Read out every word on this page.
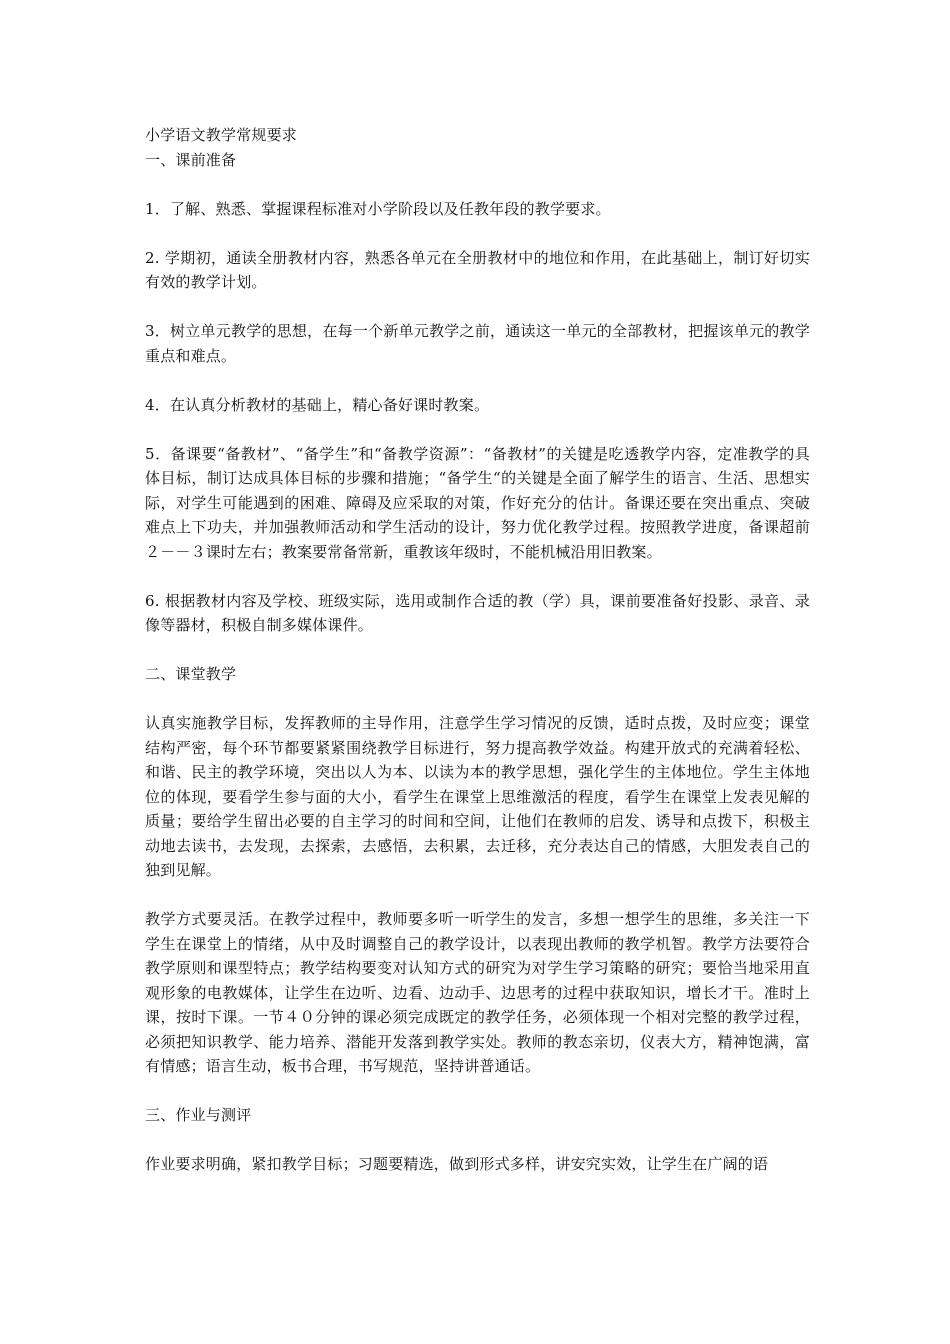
小学语文教学常规要求

一、课前准备

1．了解、熟悉、掌握课程标准对小学阶段以及任教年段的教学要求。

2. 学期初，通读全册教材内容，熟悉各单元在全册教材中的地位和作用，在此基础上，制订好切实有效的教学计划。

3．树立单元教学的思想，在每一个新单元教学之前，通读这一单元的全部教材，把握该单元的教学重点和难点。

4．在认真分析教材的基础上，精心备好课时教案。

5．备课要“备教材”、“备学生”和“备教学资源”：“备教材”的关键是吃透教学内容，定准教学的具体目标，制订达成具体目标的步骤和措施；“备学生“的关键是全面了解学生的语言、生活、思想实际，对学生可能遇到的困难、障碍及应采取的对策，作好充分的估计。备课还要在突出重点、突破难点上下功夫，并加强教师活动和学生活动的设计，努力优化教学过程。按照教学进度，备课超前２－－３课时左右；教案要常备常新，重教该年级时，不能机械沿用旧教案。

6. 根据教材内容及学校、班级实际，选用或制作合适的教（学）具，课前要准备好投影、录音、录像等器材，积极自制多媒体课件。

二、课堂教学

认真实施教学目标，发挥教师的主导作用，注意学生学习情况的反馈，适时点拨，及时应变；课堂结构严密，每个环节都要紧紧围绕教学目标进行，努力提高教学效益。构建开放式的充满着轻松、和谐、民主的教学环境，突出以人为本、以读为本的教学思想，强化学生的主体地位。学生主体地位的体现，要看学生参与面的大小，看学生在课堂上思维激活的程度，看学生在课堂上发表见解的质量；要给学生留出必要的自主学习的时间和空间，让他们在教师的启发、诱导和点拨下，积极主动地去读书，去发现，去探索，去感悟，去积累，去迁移，充分表达自己的情感，大胆发表自己的独到见解。

教学方式要灵活。在教学过程中，教师要多听一听学生的发言，多想一想学生的思维，多关注一下学生在课堂上的情绪，从中及时调整自己的教学设计，以表现出教师的教学机智。教学方法要符合教学原则和课型特点；教学结构要变对认知方式的研究为对学生学习策略的研究；要恰当地采用直观形象的电教媒体，让学生在边听、边看、边动手、边思考的过程中获取知识，增长才干。准时上课，按时下课。一节４０分钟的课必须完成既定的教学任务，必须体现一个相对完整的教学过程，必须把知识教学、能力培养、潜能开发落到教学实处。教师的教态亲切，仪表大方，精神饱满，富有情感；语言生动，板书合理，书写规范，坚持讲普通话。

三、作业与测评

作业要求明确，紧扣教学目标；习题要精选，做到形式多样，讲安究实效，让学生在广阔的语
